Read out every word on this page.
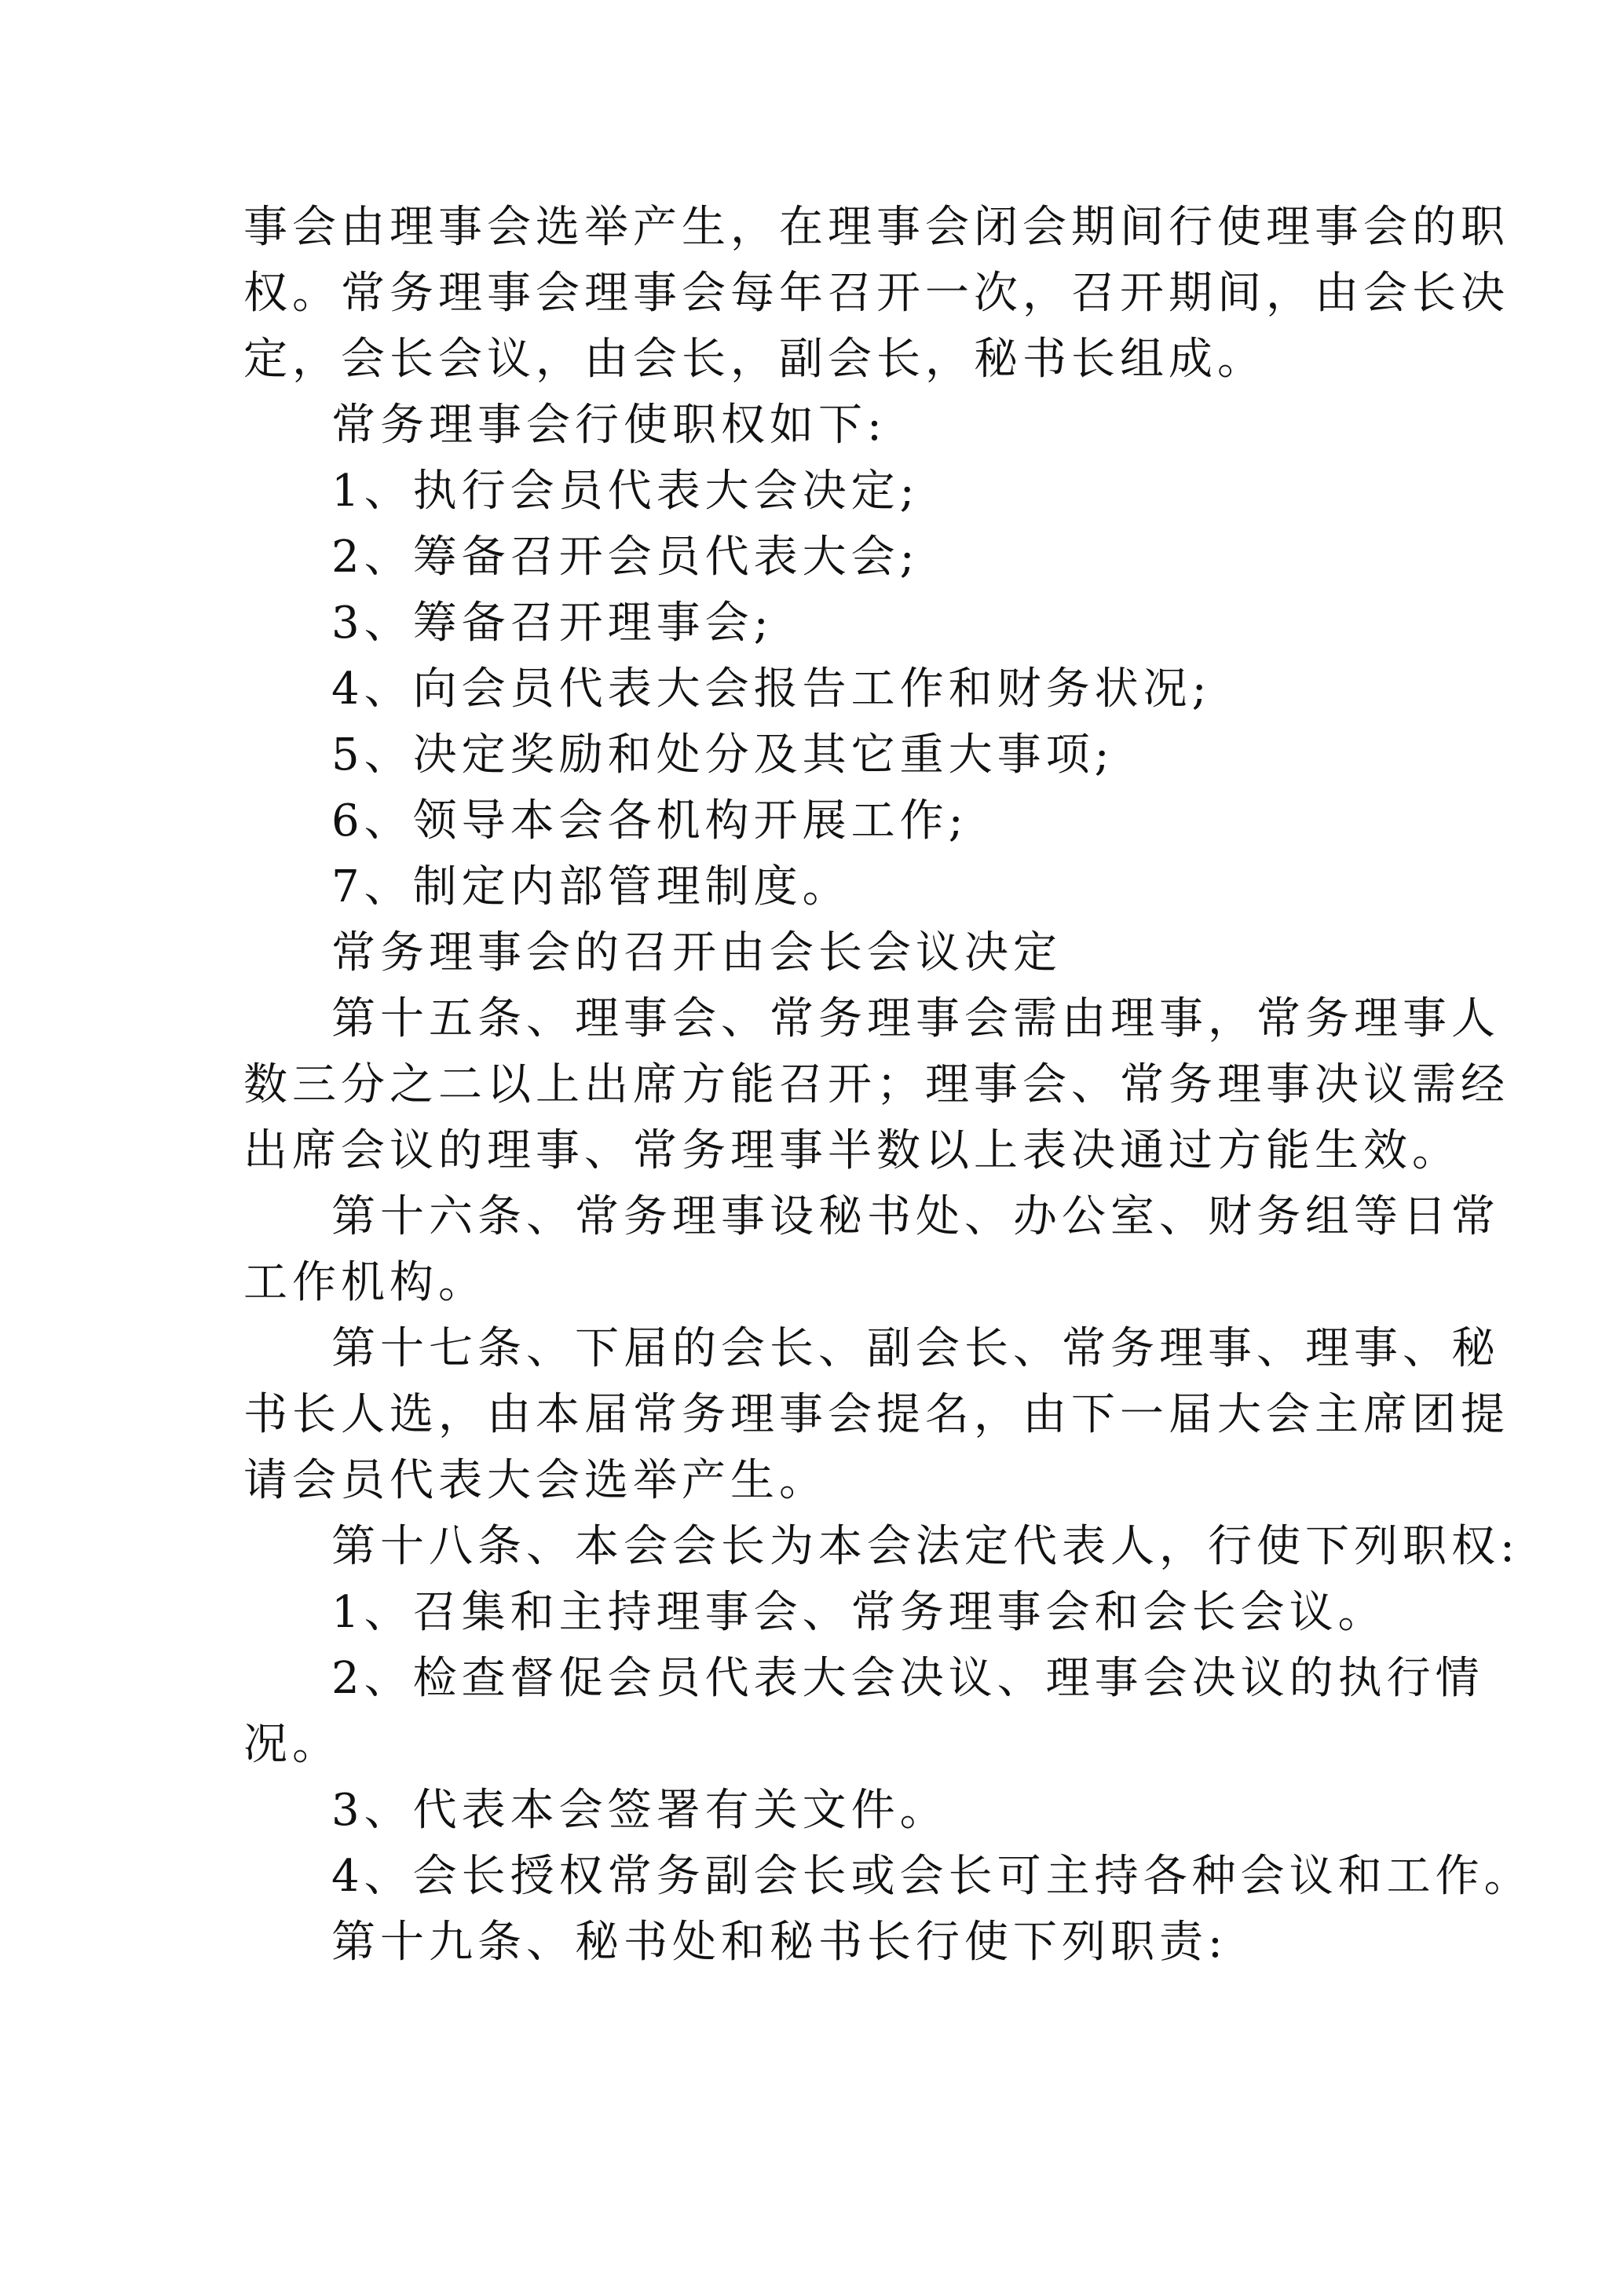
事会由理事会选举产生，在理事会闭会期间行使理事会的职
权。常务理事会理事会每年召开一次，召开期间，由会长决
定，会长会议，由会长，副会长，秘书长组成。
常务理事会行使职权如下:
1、执行会员代表大会决定;
2、筹备召开会员代表大会;
3、筹备召开理事会;
4、向会员代表大会报告工作和财务状况;
5、决定奖励和处分及其它重大事项;
6、领导本会各机构开展工作;
7、制定内部管理制度。
常务理事会的召开由会长会议决定
第十五条、理事会、常务理事会需由理事，常务理事人
数三分之二以上出席方能召开；理事会、常务理事决议需经
出席会议的理事、常务理事半数以上表决通过方能生效。
第十六条、常务理事设秘书处、办公室、财务组等日常
工作机构。
第十七条、下届的会长、副会长、常务理事、理事、秘
书长人选，由本届常务理事会提名，由下一届大会主席团提
请会员代表大会选举产生。
第十八条、本会会长为本会法定代表人，行使下列职权:
1、召集和主持理事会、常务理事会和会长会议。
2、检查督促会员代表大会决议、理事会决议的执行情
况。
3、代表本会签署有关文件。
4、会长授权常务副会长或会长可主持各种会议和工作。
第十九条、秘书处和秘书长行使下列职责:
